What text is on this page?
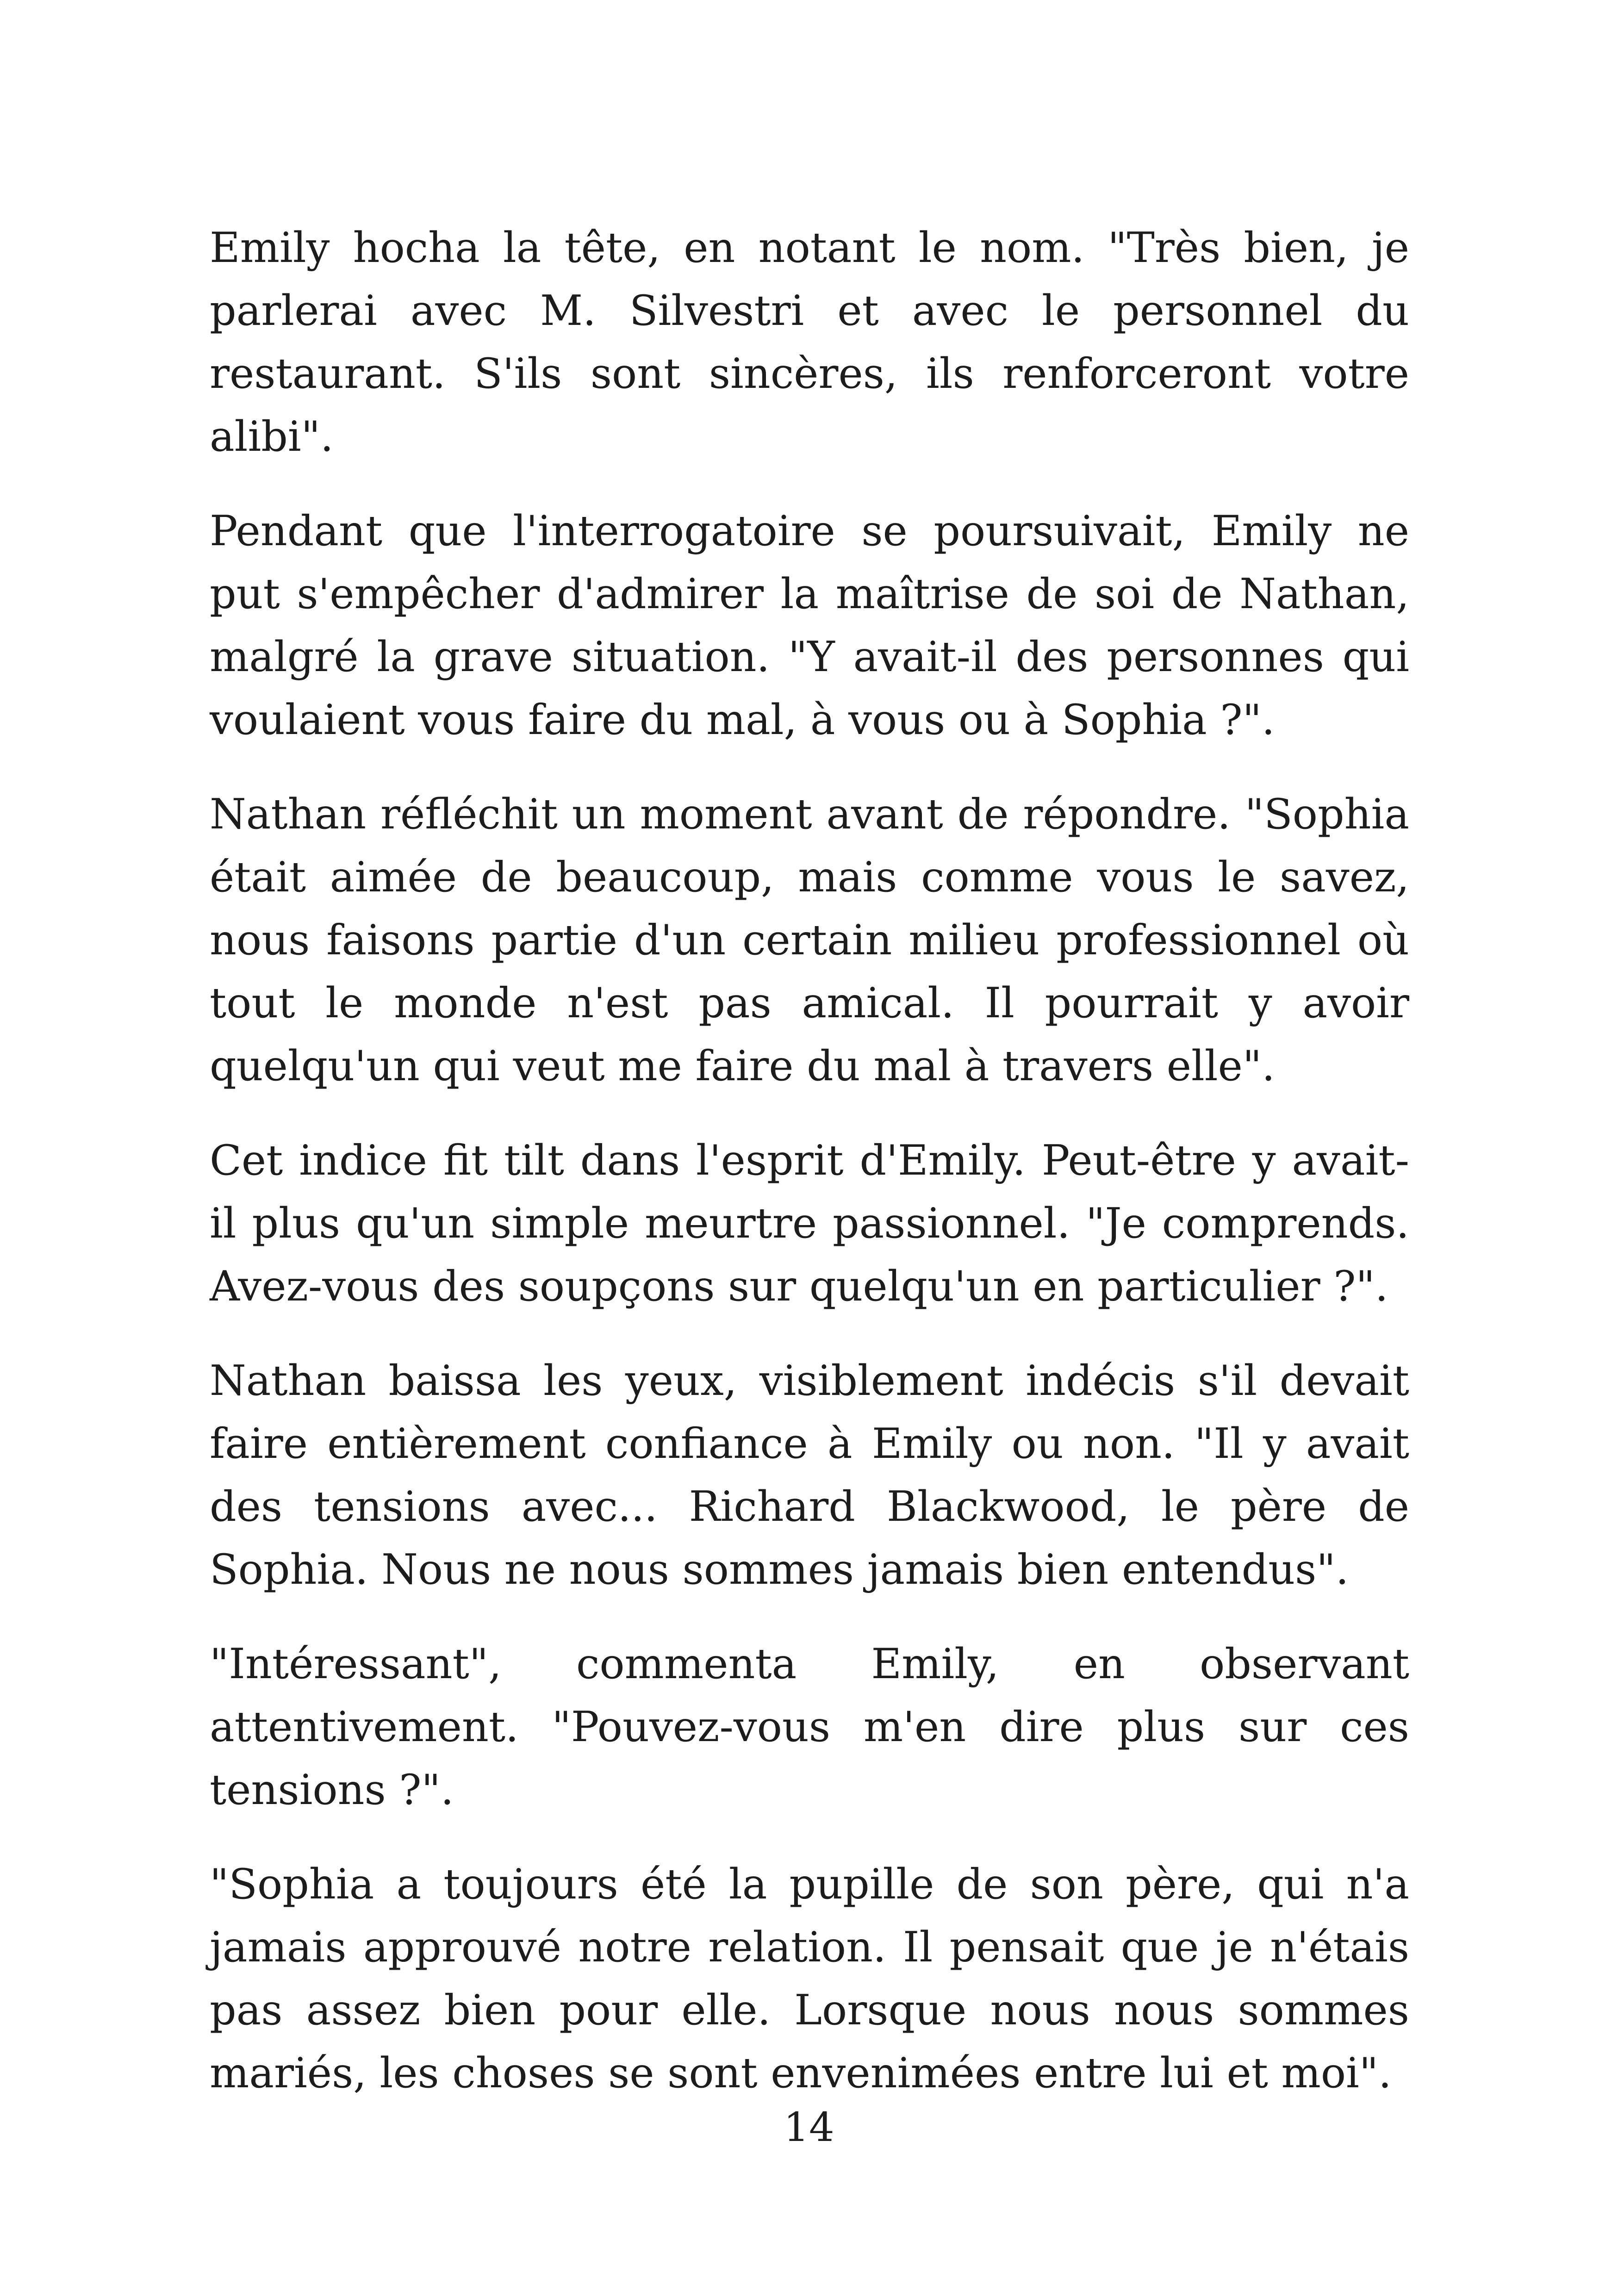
Emily hocha la tête, en notant le nom. "Très bien, je parlerai avec M. Silvestri et avec le personnel du restaurant. S'ils sont sincères, ils renforceront votre alibi".

Pendant que l'interrogatoire se poursuivait, Emily ne put s'empêcher d'admirer la maîtrise de soi de Nathan, malgré la grave situation. "Y avait-il des personnes qui voulaient vous faire du mal, à vous ou à Sophia ?".

Nathan réfléchit un moment avant de répondre. "Sophia était aimée de beaucoup, mais comme vous le savez, nous faisons partie d'un certain milieu professionnel où tout le monde n'est pas amical. Il pourrait y avoir quelqu'un qui veut me faire du mal à travers elle".

Cet indice fit tilt dans l'esprit d'Emily. Peut-être y avait-il plus qu'un simple meurtre passionnel. "Je comprends. Avez-vous des soupçons sur quelqu'un en particulier ?".

Nathan baissa les yeux, visiblement indécis s'il devait faire entièrement confiance à Emily ou non. "Il y avait des tensions avec... Richard Blackwood, le père de Sophia. Nous ne nous sommes jamais bien entendus".

"Intéressant", commenta Emily, en observant attentivement. "Pouvez-vous m'en dire plus sur ces tensions ?".

"Sophia a toujours été la pupille de son père, qui n'a jamais approuvé notre relation. Il pensait que je n'étais pas assez bien pour elle. Lorsque nous nous sommes mariés, les choses se sont envenimées entre lui et moi".

14
